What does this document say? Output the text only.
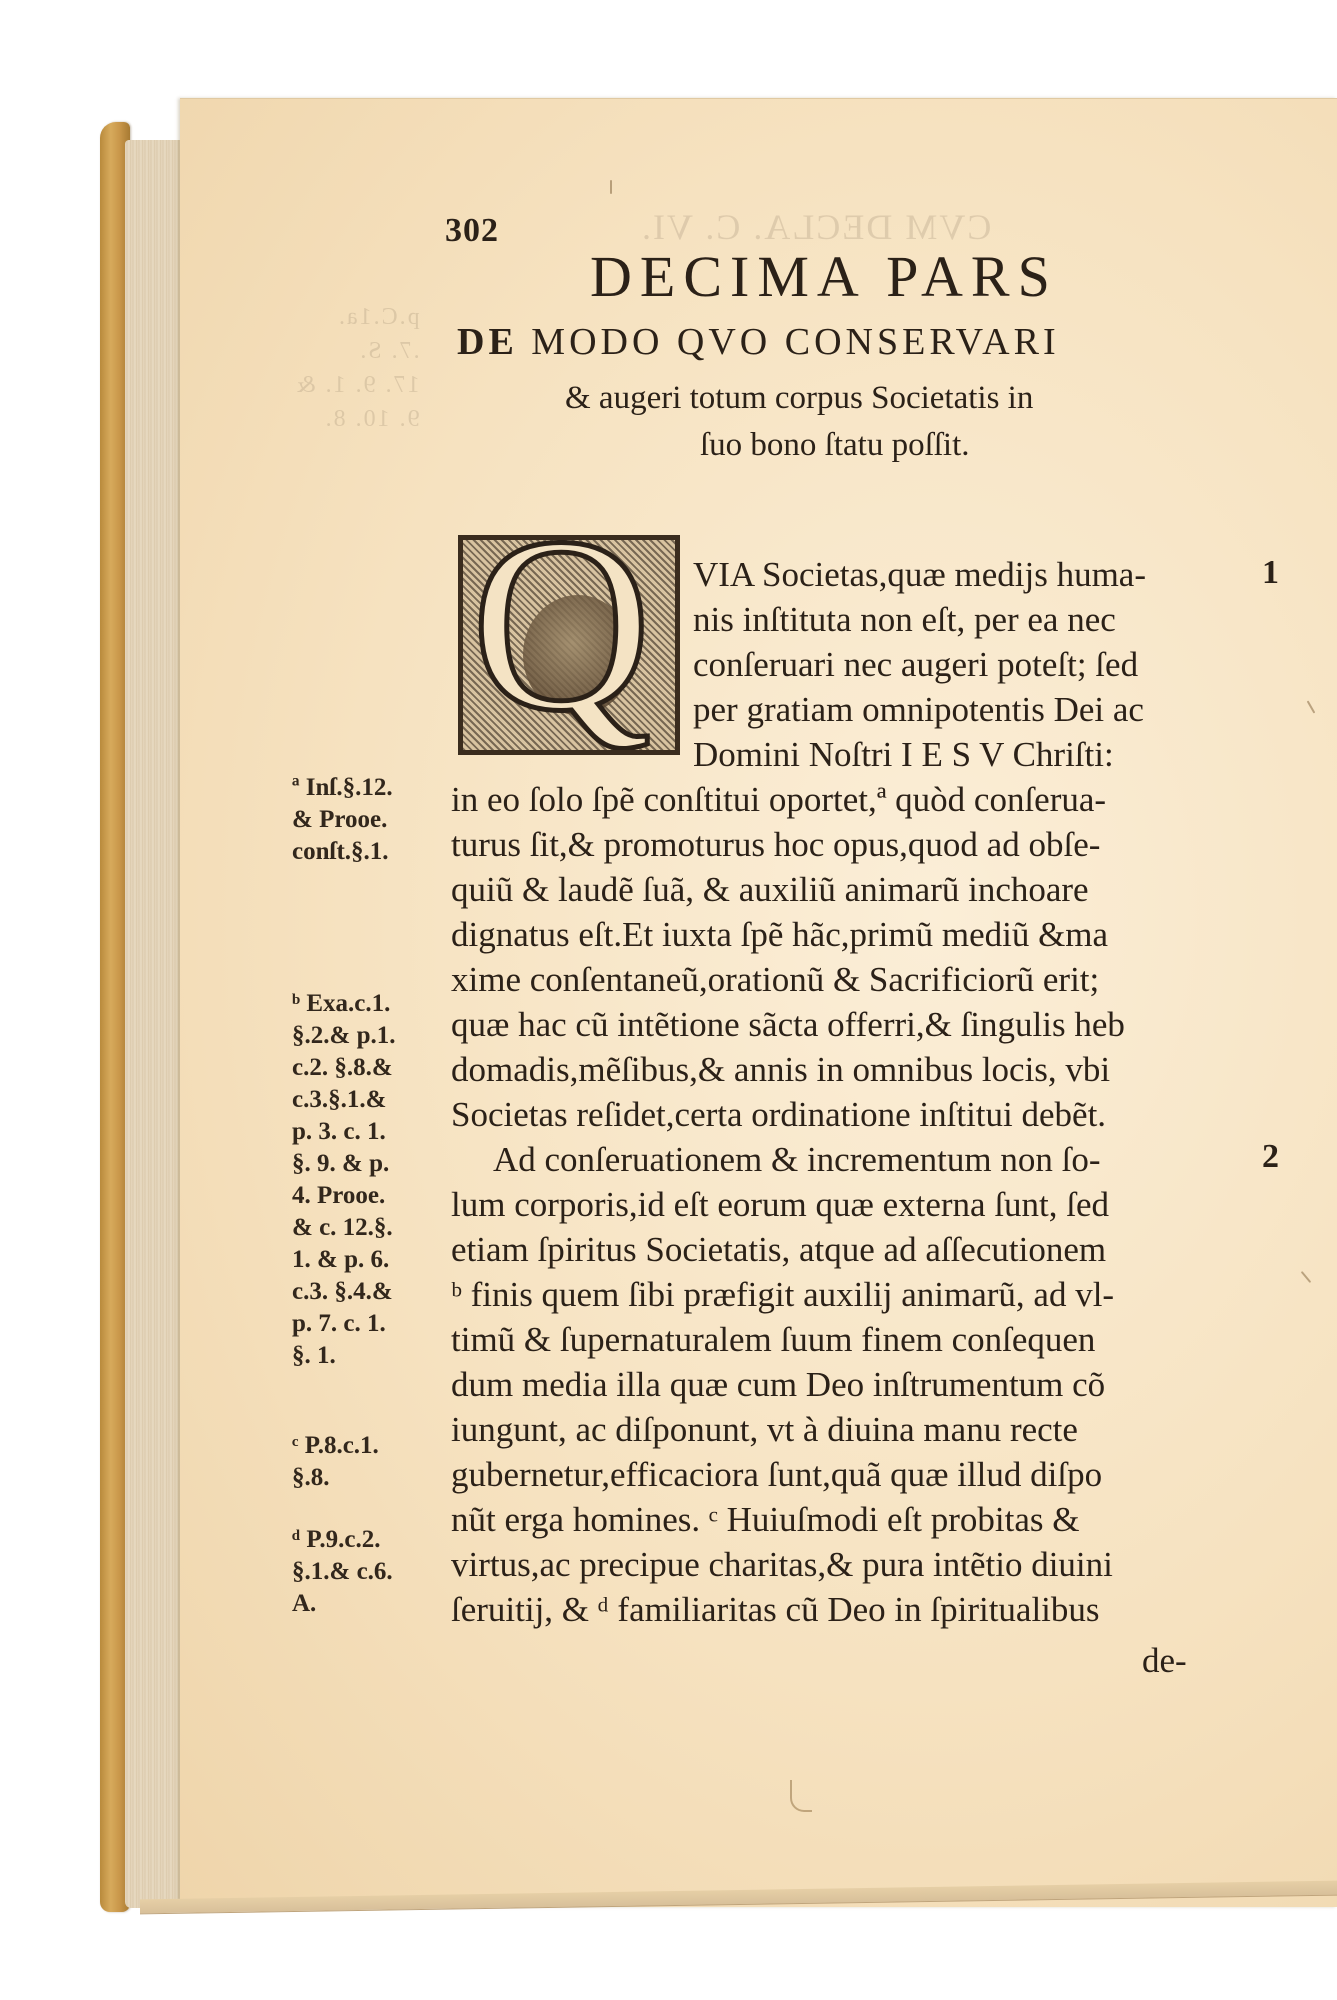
CVM DECLA. C. VI.
p.C.1a.
.7. S.
17. 9. 1. &
9. 10. 8.
302
DECIMA PARS
DE MODO QVO CONSERVARI
& augeri totum corpus Societatis in
ſuo bono ſtatu poſſit.
Q VIA Societas,quæ medijs huma-
nis inſtituta non eſt, per ea nec
conſeruari nec augeri poteſt; ſed
per gratiam omnipotentis Dei ac
Domini Noſtri I E S V Chriſti:
in eo ſolo ſpẽ conſtitui oportet,ª quòd conſerua-
turus ſit,& promoturus hoc opus,quod ad obſe-
quiũ & laudẽ ſuã, & auxiliũ animarũ inchoare
dignatus eſt.Et iuxta ſpẽ hãc,primũ mediũ &ma
xime conſentaneũ,orationũ & Sacrificiorũ erit;
quæ hac cũ intẽtione sãcta offerri,& ſingulis heb
domadis,mẽſibus,& annis in omnibus locis, vbi
Societas reſidet,certa ordinatione inſtitui debẽt.
Ad conſeruationem & incrementum non ſo-
lum corporis,id eſt eorum quæ externa ſunt, ſed
etiam ſpiritus Societatis, atque ad aſſecutionem
ᵇ finis quem ſibi præfigit auxilij animarũ, ad vl-
timũ & ſupernaturalem ſuum finem conſequen
dum media illa quæ cum Deo inſtrumentum cõ
iungunt, ac diſponunt, vt à diuina manu recte
gubernetur,efficaciora ſunt,quã quæ illud diſpo
nũt erga homines. ᶜ Huiuſmodi eſt probitas &
virtus,ac precipue charitas,& pura intẽtio diuini
ſeruitij, & ᵈ familiaritas cũ Deo in ſpiritualibus
de-
1
2
ª Inſ.§.12.
& Prooe.
conſt.§.1.
ᵇ Exa.c.1.
§.2.& p.1.
c.2. §.8.&
c.3.§.1.&
p. 3. c. 1.
§. 9. & p.
4. Prooe.
& c. 12.§.
1. & p. 6.
c.3. §.4.&
p. 7. c. 1.
§. 1.
ᶜ P.8.c.1.
§.8.
ᵈ P.9.c.2.
§.1.& c.6.
A.
